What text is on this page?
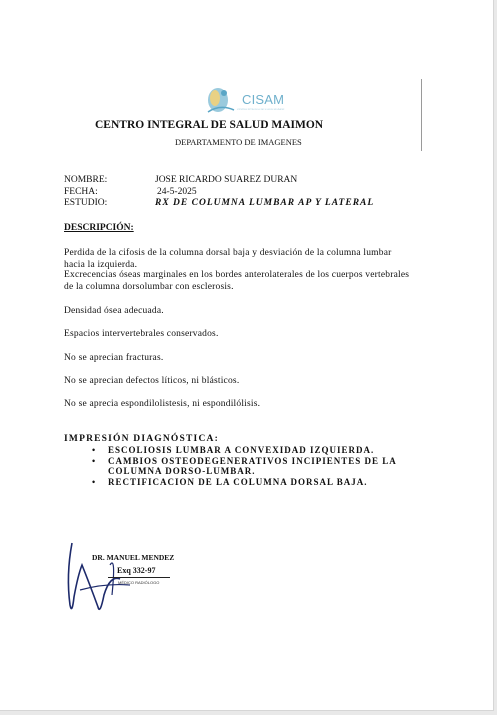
CISAM
CENTRO INTEGRAL DE SALUD MAIMON
CENTRO INTEGRAL DE SALUD MAIMON
DEPARTAMENTO DE IMAGENES
NOMBRE:	JOSE RICARDO SUAREZ DURAN
FECHA:	24-5-2025
ESTUDIO:	RX DE COLUMNA LUMBAR AP Y LATERAL
DESCRIPCIÓN:
Perdida de la cifosis de la columna dorsal baja y desviación de la columna lumbar hacia la izquierda.
Excrecencias óseas marginales en los bordes anterolaterales de los cuerpos vertebrales de la columna dorsolumbar con esclerosis.
Densidad ósea adecuada.
Espacios intervertebrales conservados.
No se aprecian fracturas.
No se aprecian defectos líticos, ni blásticos.
No se aprecia espondilolistesis, ni espondilólisis.
IMPRESIÓN DIAGNÓSTICA:
• ESCOLIOSIS LUMBAR A CONVEXIDAD IZQUIERDA.
• CAMBIOS OSTEODEGENERATIVOS INCIPIENTES DE LA COLUMNA DORSO-LUMBAR.
• RECTIFICACION DE LA COLUMNA DORSAL BAJA.
DR. MANUEL MENDEZ
Exq 332-97
MÉDICO RADIÓLOGO
